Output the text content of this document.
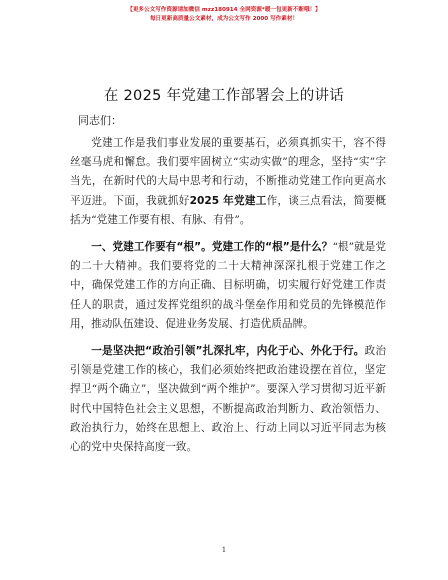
【更多公文写作资源请加微信 mzz180914 全网资源*暖一包更新不断哦！】
每日更新高质量公文素材，成为公文写作 2000 写作素材！
在 2025 年党建工作部署会上的讲话
同志们：

党建工作是我们事业发展的重要基石，必须真抓实干，容不得丝毫马虎和懈怠。我们要牢固树立“实动实做”的理念，坚持“实”字当先，在新时代的大局中思考和行动，不断推动党建工作向更高水平迈进。下面，我就抓好2025 年党建工作，谈三点看法，简要概括为“党建工作要有根、有脉、有骨”。

一、党建工作要有“根”。党建工作的“根”是什么？“根”就是党的二十大精神。我们要将党的二十大精神深深扎根于党建工作之中，确保党建工作的方向正确、目标明确，切实履行好党建工作责任人的职责，通过发挥党组织的战斗堡垒作用和党员的先锋模范作用，推动队伍建设、促进业务发展、打造优质品牌。

一是坚决把“政治引领”扎深扎牢，内化于心、外化于行。政治引领是党建工作的核心，我们必须始终把政治建设摆在首位，坚定捍卫“两个确立”，坚决做到“两个维护”。要深入学习贯彻习近平新时代中国特色社会主义思想，不断提高政治判断力、政治领悟力、政治执行力，始终在思想上、政治上、行动上同以习近平同志为核心的党中央保持高度一致。

1
